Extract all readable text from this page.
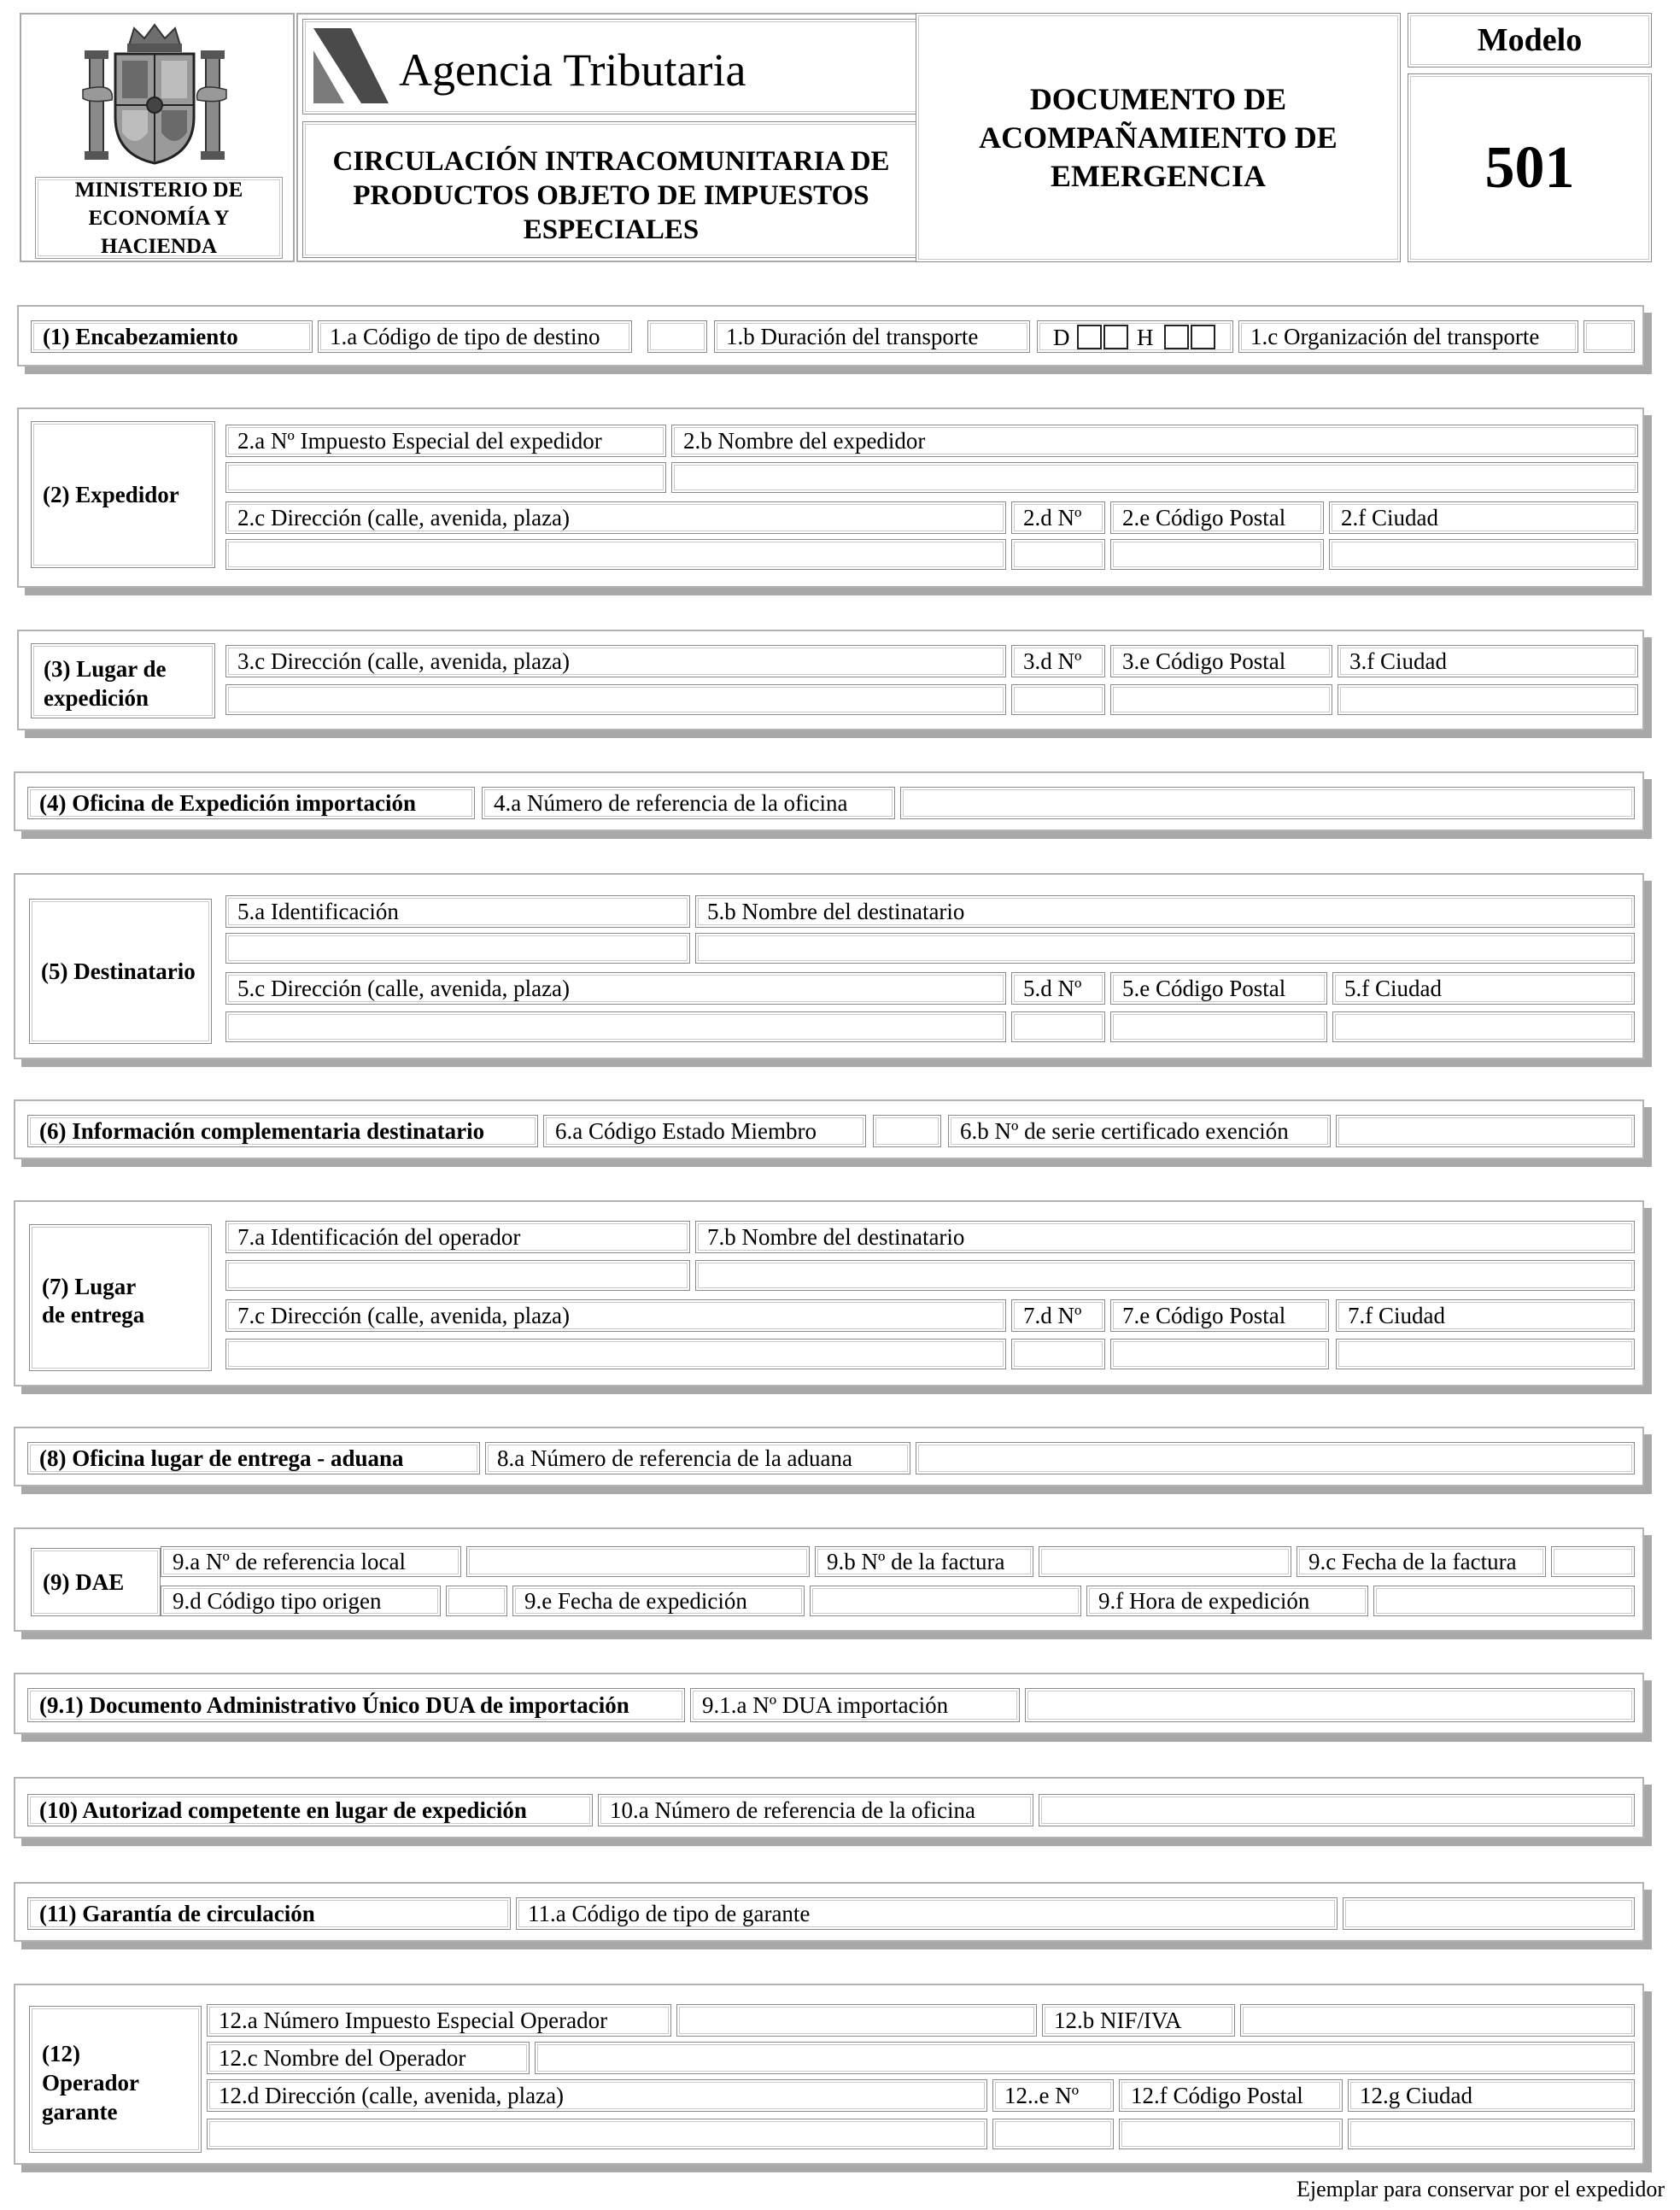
MINISTERIO DE ECONOMÍA Y HACIENDA
Agencia Tributaria
CIRCULACIÓN INTRACOMUNITARIA DE PRODUCTOS OBJETO DE IMPUESTOS ESPECIALES
DOCUMENTO DE ACOMPAÑAMIENTO DE EMERGENCIA
Modelo
501
(1) Encabezamiento	1.a Código de tipo de destino	1.b Duración del transporte	D	H	1.c Organización del transporte
(2) Expedidor
2.a Nº Impuesto Especial del expedidor	2.b Nombre del expedidor
2.c Dirección (calle, avenida, plaza)	2.d Nº	2.e Código Postal	2.f Ciudad
(3) Lugar de
expedición
3.c Dirección (calle, avenida, plaza)	3.d Nº	3.e Código Postal	3.f Ciudad
(4) Oficina de Expedición importación	4.a Número de referencia de la oficina
(5) Destinatario
5.a Identificación	5.b Nombre del destinatario
5.c Dirección (calle, avenida, plaza)	5.d Nº	5.e Código Postal	5.f Ciudad
(6) Información complementaria destinatario	6.a Código Estado Miembro	6.b Nº de serie certificado exención
(7) Lugar
de entrega
7.a Identificación del operador	7.b Nombre del destinatario
7.c Dirección (calle, avenida, plaza)	7.d Nº	7.e Código Postal	7.f Ciudad
(8) Oficina lugar de entrega - aduana	8.a Número de referencia de la aduana
(9) DAE
9.a Nº de referencia local	9.b Nº de la factura	9.c Fecha de la factura
9.d Código tipo origen	9.e Fecha de expedición	9.f Hora de expedición
(9.1) Documento Administrativo Único DUA de importación	9.1.a Nº DUA importación
(10) Autorizad competente en lugar de expedición	10.a Número de referencia de la oficina
(11) Garantía de circulación	11.a Código de tipo de garante
(12)
Operador
garante
12.a Número Impuesto Especial Operador	12.b NIF/IVA
12.c Nombre del Operador
12.d Dirección (calle, avenida, plaza)	12..e Nº	12.f Código Postal	12.g Ciudad
Ejemplar para conservar por el expedidor
